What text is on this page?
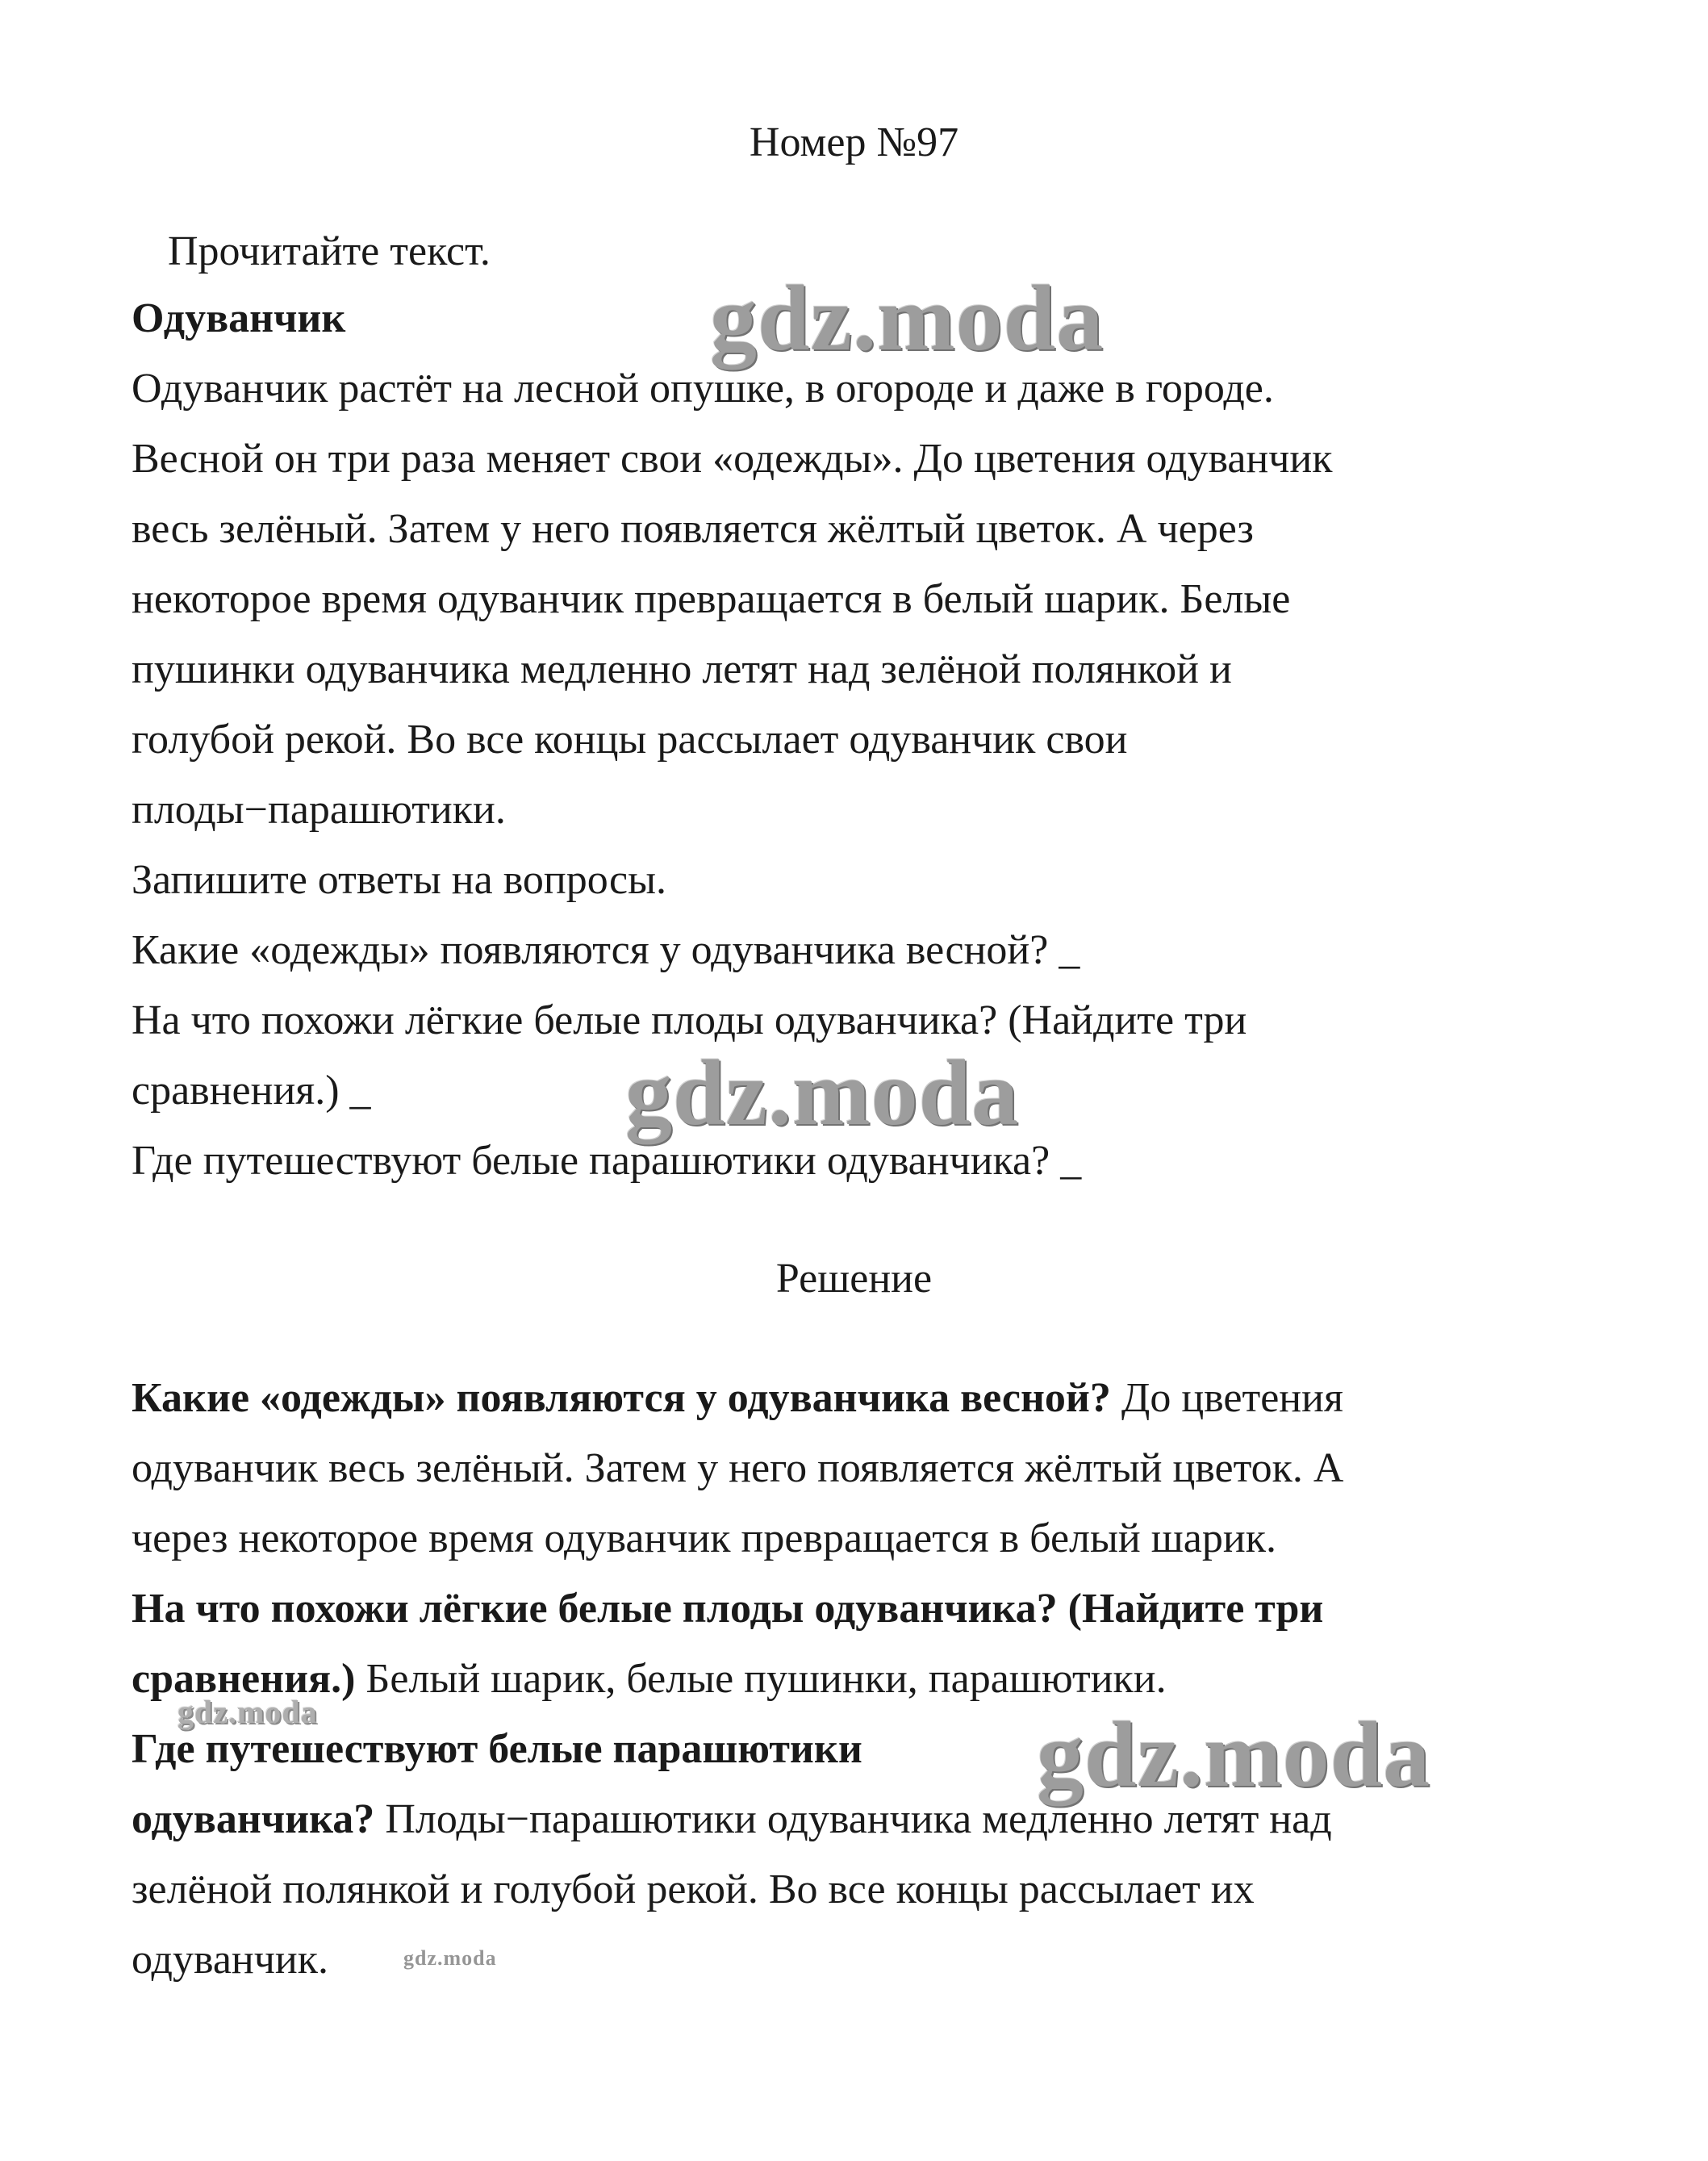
Номер №97
Прочитайте текст.
Одуванчик
Одуванчик растёт на лесной опушке, в огороде и даже в городе.
Весной он три раза меняет свои «одежды». До цветения одуванчик
весь зелёный. Затем у него появляется жёлтый цветок. А через
некоторое время одуванчик превращается в белый шарик. Белые
пушинки одуванчика медленно летят над зелёной полянкой и
голубой рекой. Во все концы рассылает одуванчик свои
плоды−парашютики.
Запишите ответы на вопросы.
Какие «одежды» появляются у одуванчика весной? _
На что похожи лёгкие белые плоды одуванчика? (Найдите три
сравнения.) _
Где путешествуют белые парашютики одуванчика? _
Решение
Какие «одежды» появляются у одуванчика весной? До цветения
одуванчик весь зелёный. Затем у него появляется жёлтый цветок. А
через некоторое время одуванчик превращается в белый шарик.
На что похожи лёгкие белые плоды одуванчика? (Найдите три
сравнения.) Белый шарик, белые пушинки, парашютики.
Где путешествуют белые парашютики
одуванчика? Плоды−парашютики одуванчика медленно летят над
зелёной полянкой и голубой рекой. Во все концы рассылает их
одуванчик.
gdz.moda
gdz.moda
gdz.moda
gdz.moda
gdz.moda
